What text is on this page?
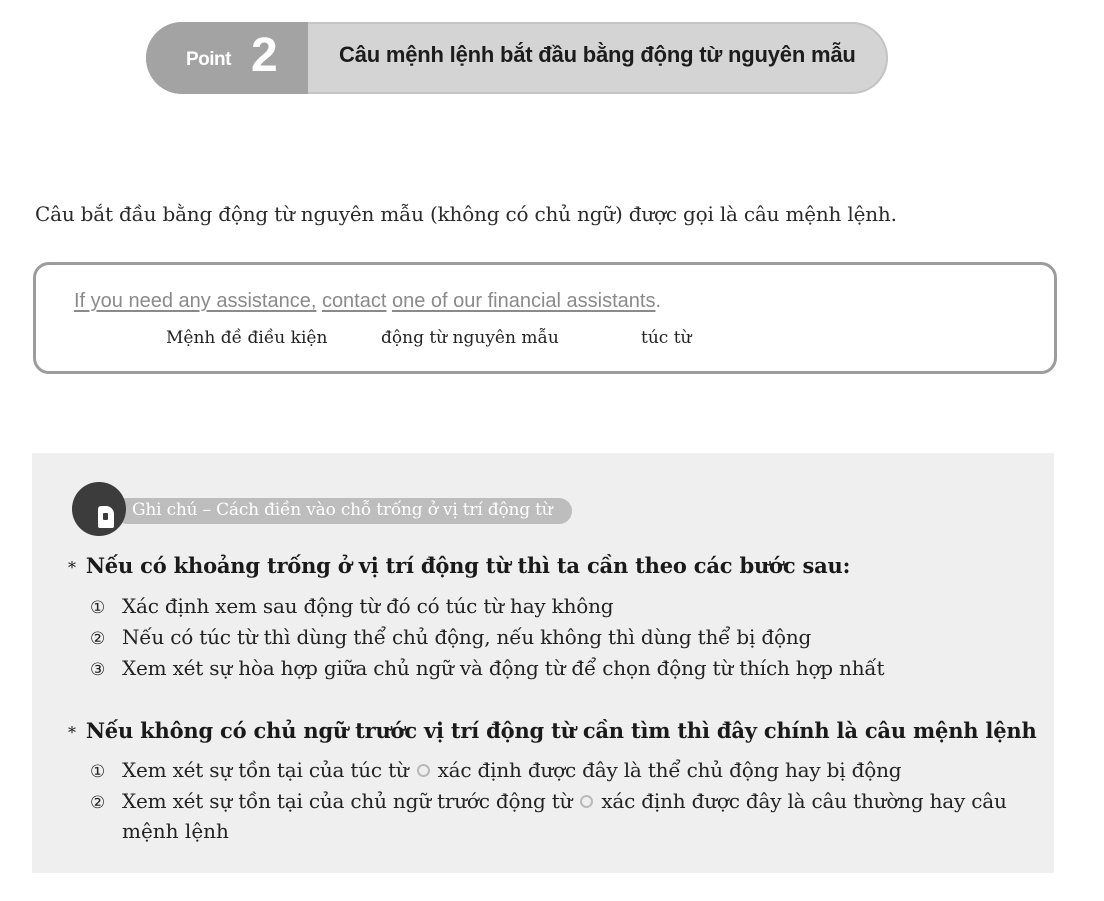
Point 2	Câu mệnh lệnh bắt đầu bằng động từ nguyên mẫu
Câu bắt đầu bằng động từ nguyên mẫu (không có chủ ngữ) được gọi là câu mệnh lệnh.
If you need any assistance, contact one of our financial assistants.
Mệnh đề điều kiện	động từ nguyên mẫu	túc từ
Ghi chú – Cách điền vào chỗ trống ở vị trí động từ
* Nếu có khoảng trống ở vị trí động từ thì ta cần theo các bước sau:
① Xác định xem sau động từ đó có túc từ hay không
② Nếu có túc từ thì dùng thể chủ động, nếu không thì dùng thể bị động
③ Xem xét sự hòa hợp giữa chủ ngữ và động từ để chọn động từ thích hợp nhất
* Nếu không có chủ ngữ trước vị trí động từ cần tìm thì đây chính là câu mệnh lệnh
① Xem xét sự tồn tại của túc từ xác định được đây là thể chủ động hay bị động
② Xem xét sự tồn tại của chủ ngữ trước động từ xác định được đây là câu thường hay câu
mệnh lệnh
